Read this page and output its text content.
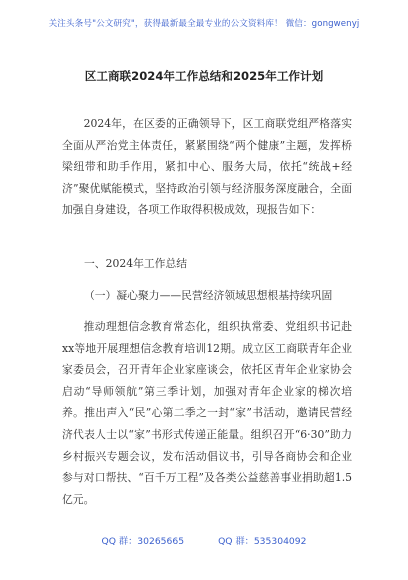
关注头条号"公文研究"，获得最新最全最专业的公文资料库！ 微信：gongwenyj
区工商联2024年工作总结和2025年工作计划

2024年，在区委的正确领导下，区工商联党组严格落实全面从严治党主体责任，紧紧围绕“两个健康”主题，发挥桥梁纽带和助手作用，紧扣中心、服务大局，依托“统战+经济”聚优赋能模式，坚持政治引领与经济服务深度融合，全面加强自身建设，各项工作取得积极成效，现报告如下：

一、2024年工作总结
（一）凝心聚力——民营经济领域思想根基持续巩固

推动理想信念教育常态化，组织执常委、党组织书记赴xx等地开展理想信念教育培训12期。成立区工商联青年企业家委员会，召开青年企业家座谈会，依托区青年企业家协会启动“导师领航”第三季计划，加强对青年企业家的梯次培养。推出声入“民”心第二季之一封“家”书活动，邀请民营经济代表人士以“家”书形式传递正能量。组织召开“6·30”助力乡村振兴专题会议，发布活动倡议书，引导各商协会和企业参与对口帮扶、“百千万工程”及各类公益慈善事业捐助超1.5亿元。

QQ 群：30265665	QQ 群：535304092
